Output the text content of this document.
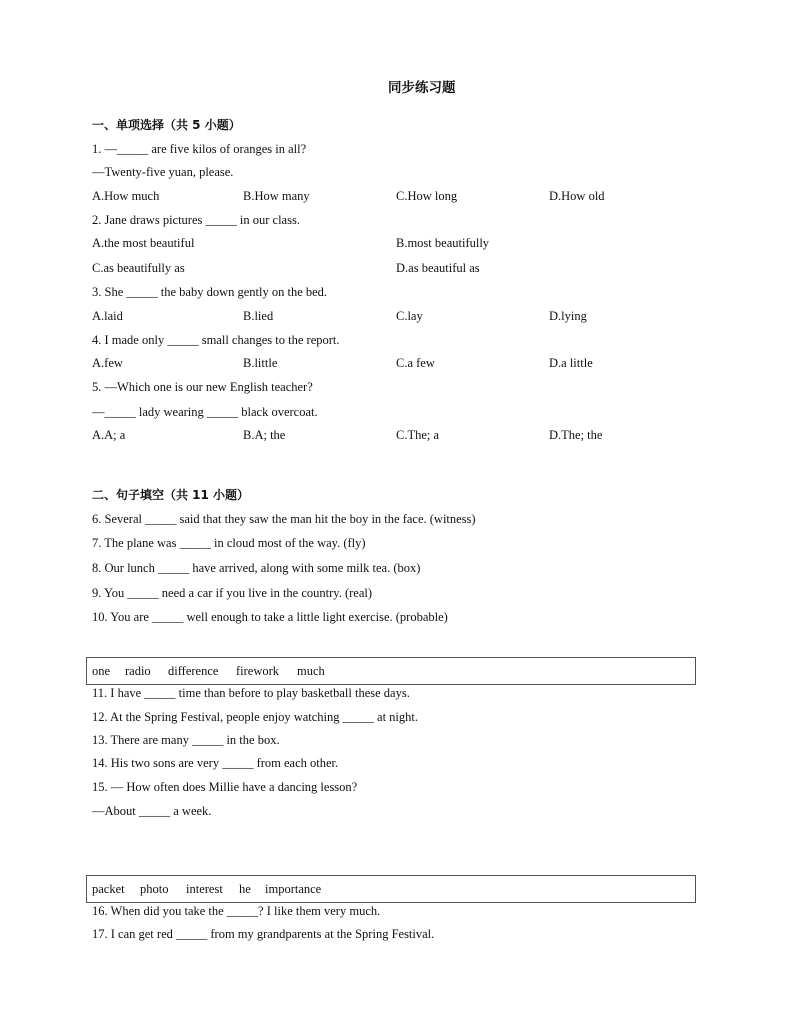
同步练习题
一、单项选择（共 5 小题）
1. —_____ are five kilos of oranges in all?
—Twenty-five yuan, please.
A.How much	B.How many	C.How long	D.How old
2. Jane draws pictures _____ in our class.
A.the most beautiful	B.most beautifully
C.as beautifully as	D.as beautiful as
3. She _____ the baby down gently on the bed.
A.laid	B.lied	C.lay	D.lying
4. I made only _____ small changes to the report.
A.few	B.little	C.a few	D.a little
5. —Which one is our new English teacher?
—_____ lady wearing _____ black overcoat.
A.A; a	B.A; the	C.The; a	D.The; the
二、句子填空（共 11 小题）
6. Several _____ said that they saw the man hit the boy in the face. (witness)
7. The plane was _____ in cloud most of the way. (fly)
8. Our lunch _____ have arrived, along with some milk tea. (box)
9. You _____ need a car if you live in the country. (real)
10. You are _____ well enough to take a little light exercise. (probable)
one radio difference firework much
11. I have _____ time than before to play basketball these days.
12. At the Spring Festival, people enjoy watching _____ at night.
13. There are many _____ in the box.
14. His two sons are very _____ from each other.
15. — How often does Millie have a dancing lesson?
—About _____ a week.
packet photo interest he importance
16. When did you take the _____? I like them very much.
17. I can get red _____ from my grandparents at the Spring Festival.
